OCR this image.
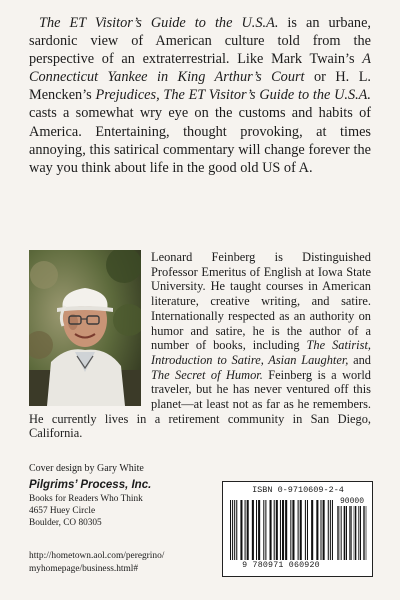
The ET Visitor’s Guide to the U.S.A. is an urbane, sardonic view of American culture told from the perspective of an extraterrestrial. Like Mark Twain’s A Connecticut Yankee in King Arthur’s Court or H. L. Mencken’s Prejudices, The ET Visitor’s Guide to the U.S.A. casts a somewhat wry eye on the customs and habits of America. Entertaining, thought provoking, at times annoying, this satirical commentary will change forever the way you think about life in the good old US of A.

Leonard Feinberg is Distinguished Professor Emeritus of English at Iowa State University. He taught courses in American literature, creative writing, and satire. Internationally respected as an authority on humor and satire, he is the author of a number of books, including The Satirist, Introduction to Satire, Asian Laughter, and The Secret of Humor. Feinberg is a world traveler, but he has never ventured off this planet—at least not as far as he remembers. He currently lives in a retirement community in San Diego, California.

Cover design by Gary White
Pilgrims’ Process, Inc.
Books for Readers Who Think
4657 Huey Circle
Boulder, CO 80305
http://hometown.aol.com/peregrino/
myhomepage/business.html#
ISBN 0-9710609-2-4
90000
9 780971 060920
